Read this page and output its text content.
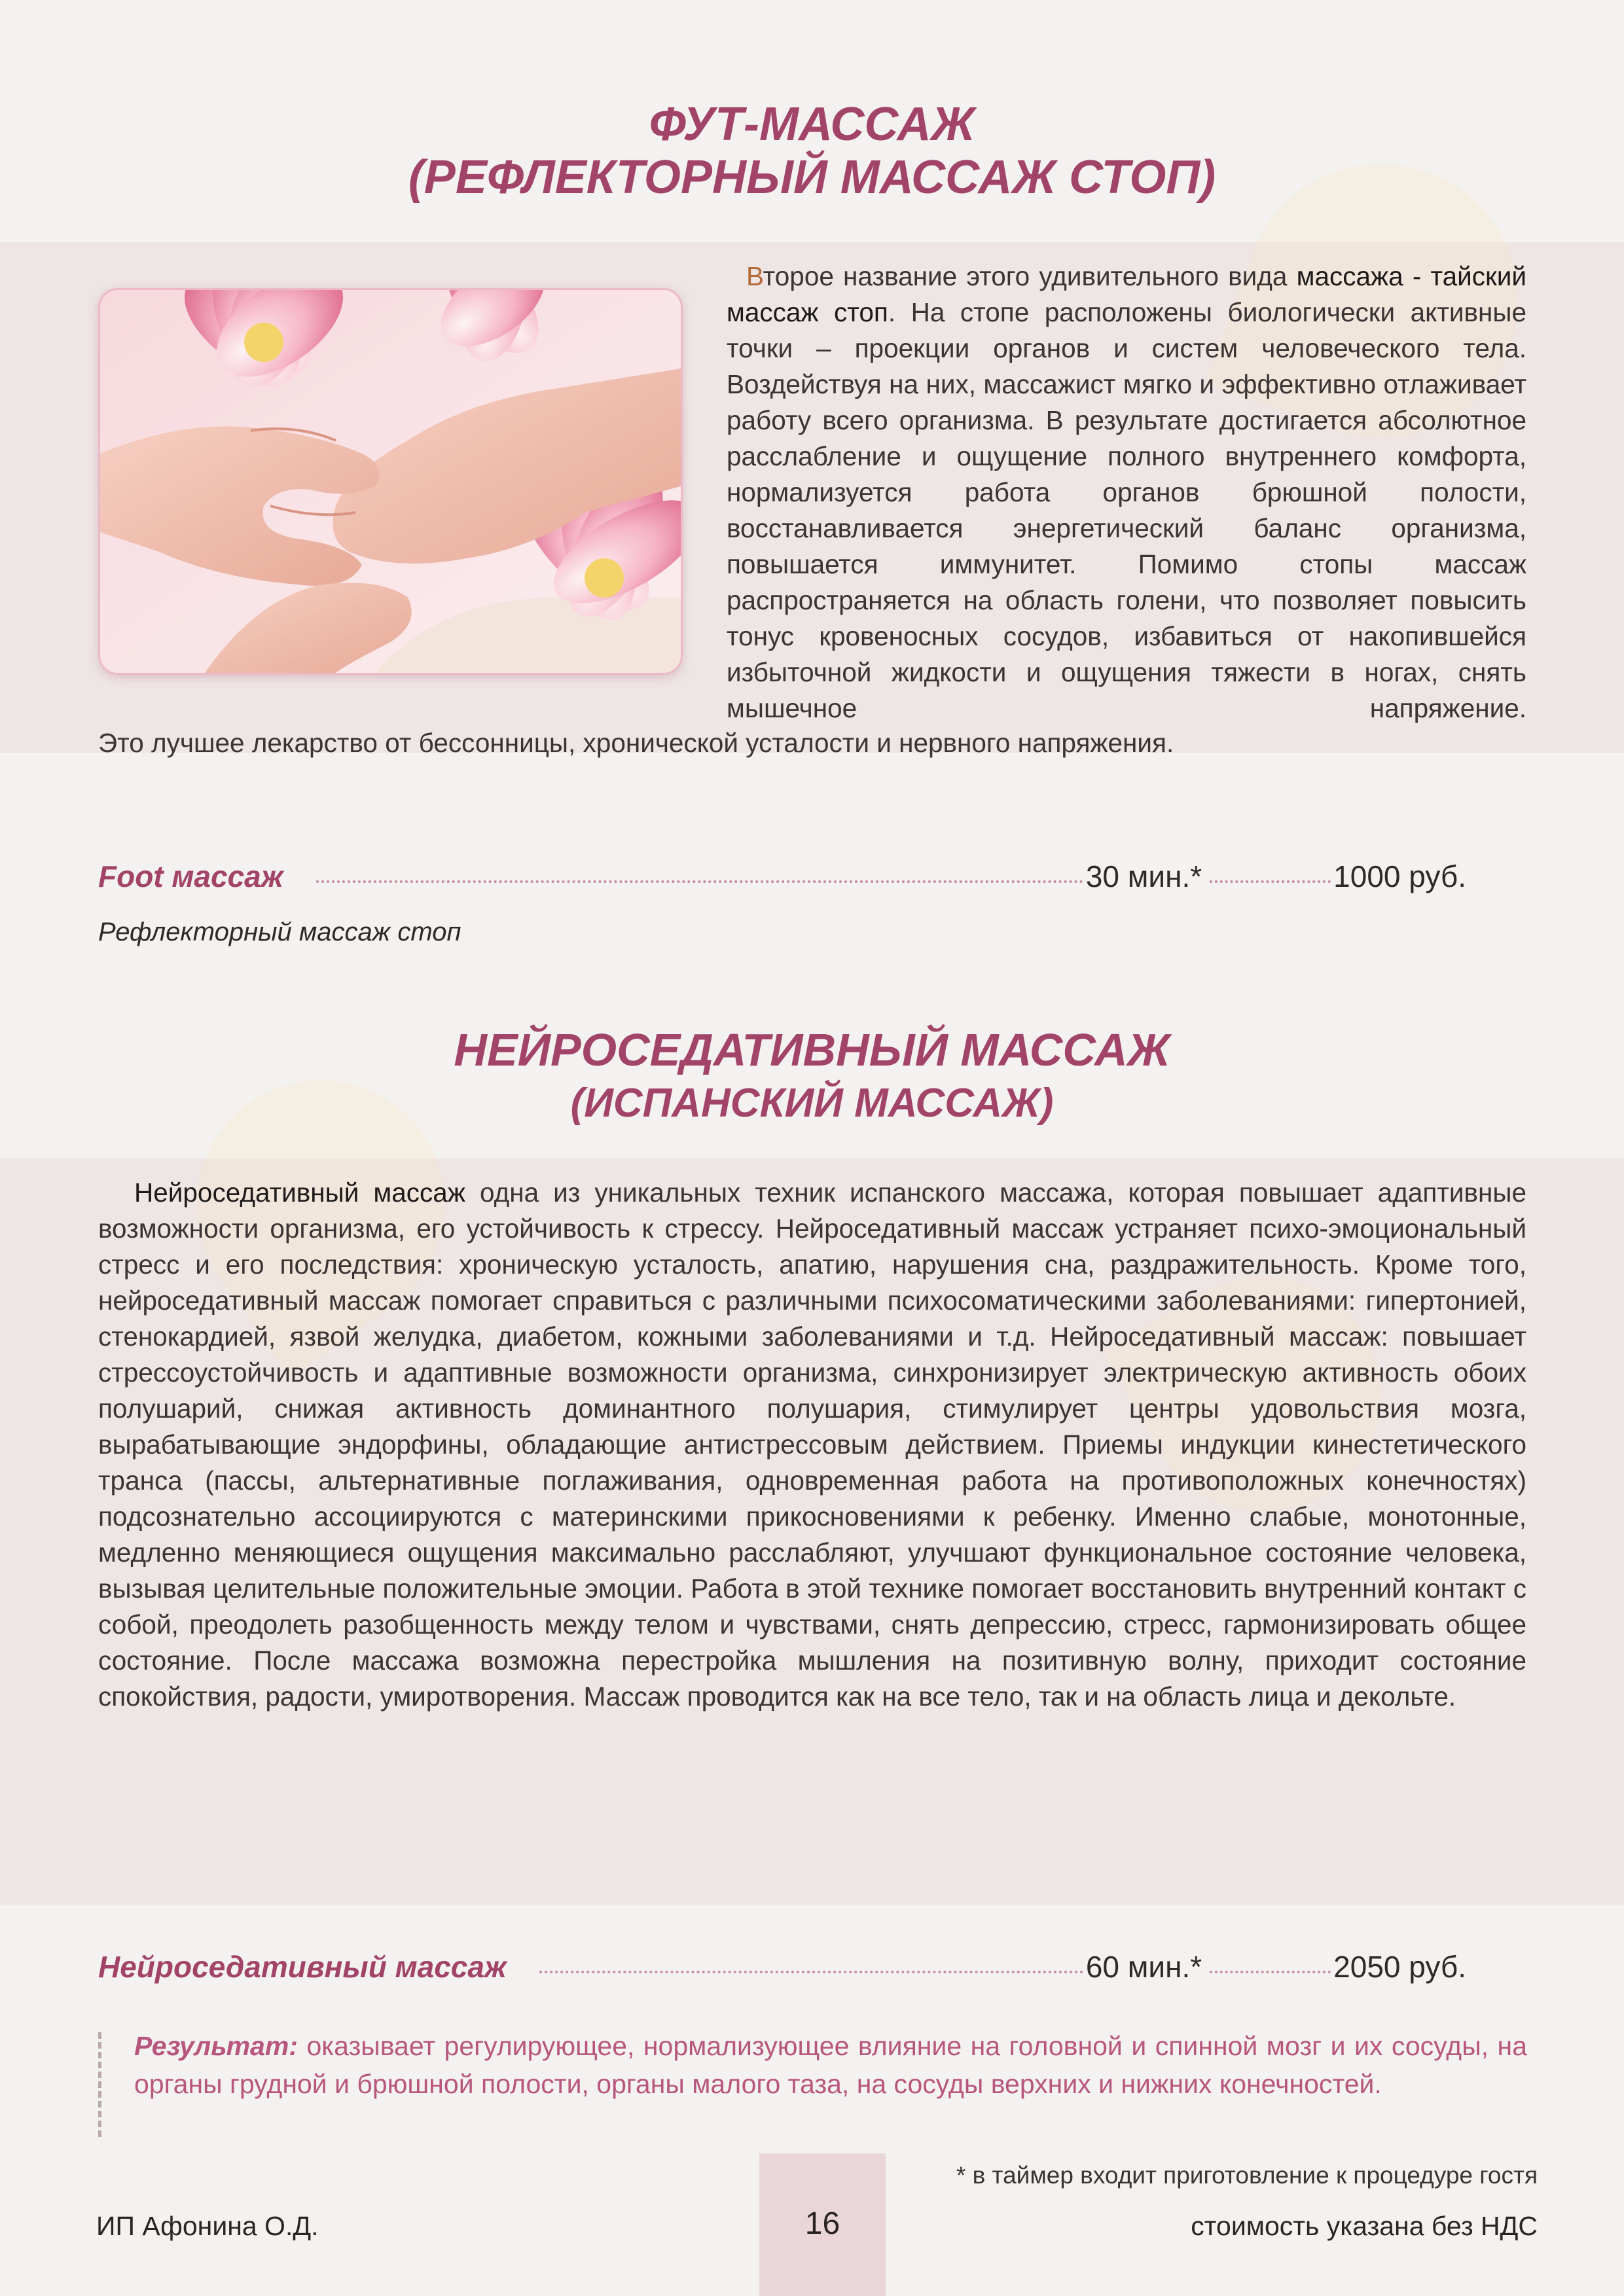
ФУТ-МАССАЖ
(РЕФЛЕКТОРНЫЙ МАССАЖ СТОП)

Второе название этого удивительного вида массажа - тайский массаж стоп. На стопе расположены биологически активные точки – проекции органов и систем человеческого тела. Воздействуя на них, массажист мягко и эффективно отлаживает работу всего организма. В результате достигается абсолютное расслабление и ощущение полного внутреннего комфорта, нормализуется работа органов брюшной полости, восстанавливается энергетический баланс организма, повышается иммунитет. Помимо стопы массаж распространяется на область голени, что позволяет повысить тонус кровеносных сосудов, избавиться от накопившейся избыточной жидкости и ощущения тяжести в ногах, снять мышечное напряжение.

Это лучшее лекарство от бессонницы, хронической усталости и нервного напряжения.

Foot массаж	30 мин.*	1000 руб.

Рефлекторный массаж стоп

НЕЙРОСЕДАТИВНЫЙ МАССАЖ
(ИСПАНСКИЙ МАССАЖ)

Нейроседативный массаж одна из уникальных техник испанского массажа, которая повышает адаптивные возможности организма, его устойчивость к стрессу. Нейроседативный массаж устраняет психо-эмоциональный стресс и его последствия: хроническую усталость, апатию, нарушения сна, раздражительность. Кроме того, нейроседативный массаж помогает справиться с различными психосоматическими заболеваниями: гипертонией, стенокардией, язвой желудка, диабетом, кожными заболеваниями и т.д. Нейроседативный массаж: повышает стрессоустойчивость и адаптивные возможности организма, синхронизирует электрическую активность обоих полушарий, снижая активность доминантного полушария, стимулирует центры удовольствия мозга, вырабатывающие эндорфины, обладающие антистрессовым действием. Приемы индукции кинестетического транса (пассы, альтернативные поглаживания, одновременная работа на противоположных конечностях) подсознательно ассоциируются с материнскими прикосновениями к ребенку. Именно слабые, монотонные, медленно меняющиеся ощущения максимально расслабляют, улучшают функциональное состояние человека, вызывая целительные положительные эмоции. Работа в этой технике помогает восстановить внутренний контакт с собой, преодолеть разобщенность между телом и чувствами, снять депрессию, стресс, гармонизировать общее состояние. После массажа возможна перестройка мышления на позитивную волну, приходит состояние спокойствия, радости, умиротворения. Массаж проводится как на все тело, так и на область лица и декольте.

Нейроседативный массаж	60 мин.*	2050 руб.

Результат: оказывает регулирующее, нормализующее влияние на головной и спинной мозг и их сосуды, на органы грудной и брюшной полости, органы малого таза, на сосуды верхних и нижних конечностей.

16

* в таймер входит приготовление к процедуре гостя

ИП Афонина О.Д.	стоимость указана без НДС
